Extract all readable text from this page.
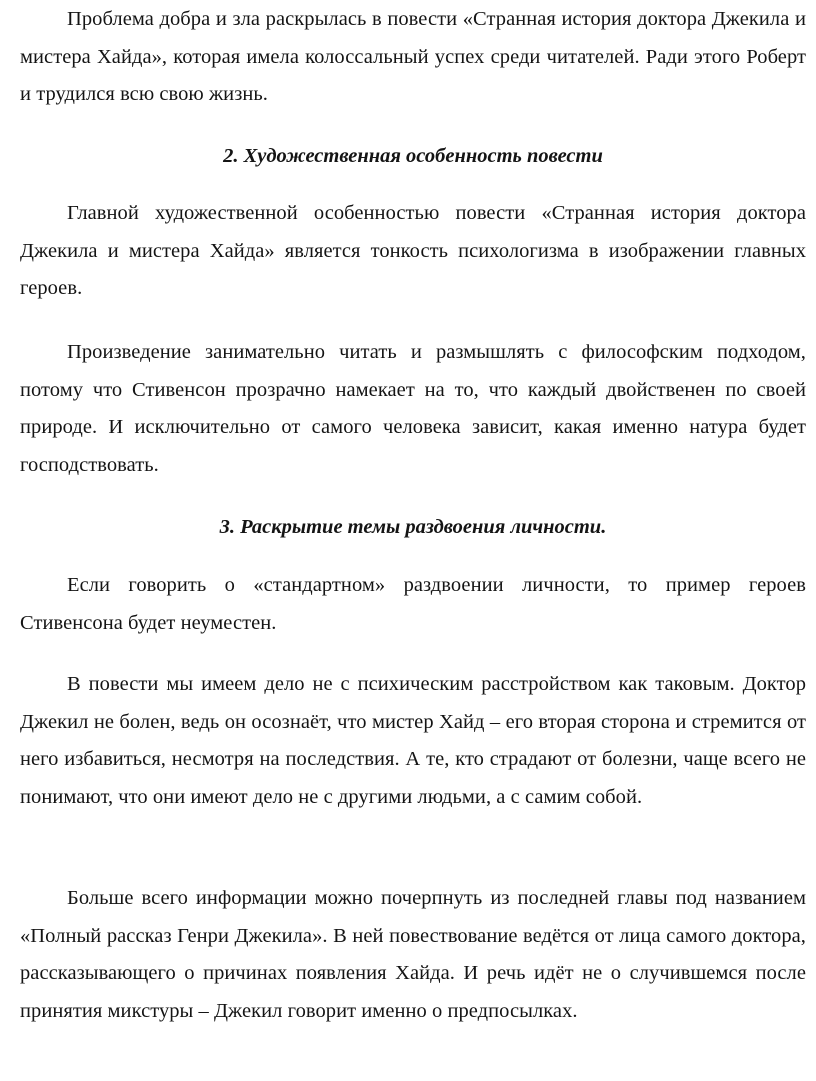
Проблема добра и зла раскрылась в повести «Странная история доктора Джекила и мистера Хайда», которая имела колоссальный успех среди читателей. Ради этого Роберт и трудился всю свою жизнь.

2. Художественная особенность повести

Главной художественной особенностью повести «Странная история доктора Джекила и мистера Хайда» является тонкость психологизма в изображении главных героев.

Произведение занимательно читать и размышлять с философским подходом, потому что Стивенсон прозрачно намекает на то, что каждый двойственен по своей природе. И исключительно от самого человека зависит, какая именно натура будет господствовать.

3. Раскрытие темы раздвоения личности.

Если говорить о «стандартном» раздвоении личности, то пример героев Стивенсона будет неуместен.

В повести мы имеем дело не с психическим расстройством как таковым. Доктор Джекил не болен, ведь он осознаёт, что мистер Хайд – его вторая сторона и стремится от него избавиться, несмотря на последствия. А те, кто страдают от болезни, чаще всего не понимают, что они имеют дело не с другими людьми, а с самим собой.

Больше всего информации можно почерпнуть из последней главы под названием «Полный рассказ Генри Джекила». В ней повествование ведётся от лица самого доктора, рассказывающего о причинах появления Хайда. И речь идёт не о случившемся после принятия микстуры – Джекил говорит именно о предпосылках.
